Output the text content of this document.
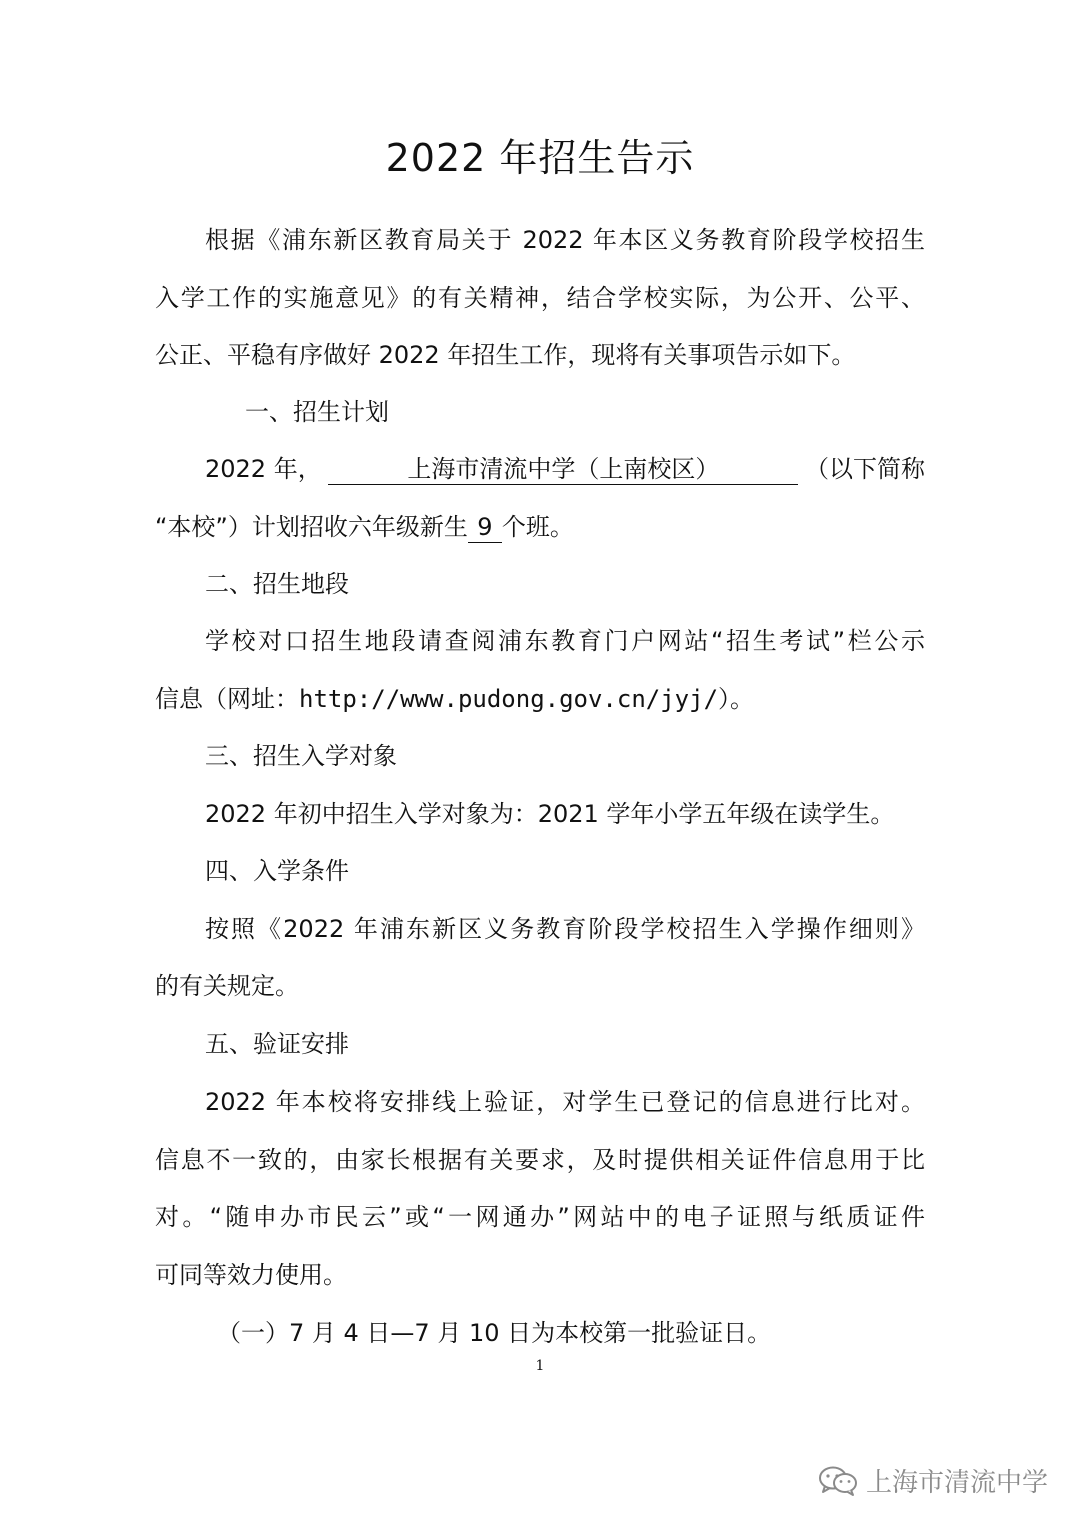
2022 年招生告示
根据《浦东新区教育局关于 2022 年本区义务教育阶段学校招生
入学工作的实施意见》的有关精神，结合学校实际，为公开、公平、
公正、平稳有序做好 2022 年招生工作，现将有关事项告示如下。
一、招生计划
2022 年，	上海市清流中学（上南校区）	（以下简称
“本校”）计划招收六年级新生 9 个班。
二、招生地段
学校对口招生地段请查阅浦东教育门户网站“招生考试”栏公示
信息（网址：http://www.pudong.gov.cn/jyj/）。
三、招生入学对象
2022 年初中招生入学对象为：2021 学年小学五年级在读学生。
四、入学条件
按照《2022 年浦东新区义务教育阶段学校招生入学操作细则》
的有关规定。
五、验证安排
2022 年本校将安排线上验证，对学生已登记的信息进行比对。
信息不一致的，由家长根据有关要求，及时提供相关证件信息用于比
对。“随申办市民云”或“一网通办”网站中的电子证照与纸质证件
可同等效力使用。
（一）7 月 4 日—7 月 10 日为本校第一批验证日。
1
上海市清流中学
